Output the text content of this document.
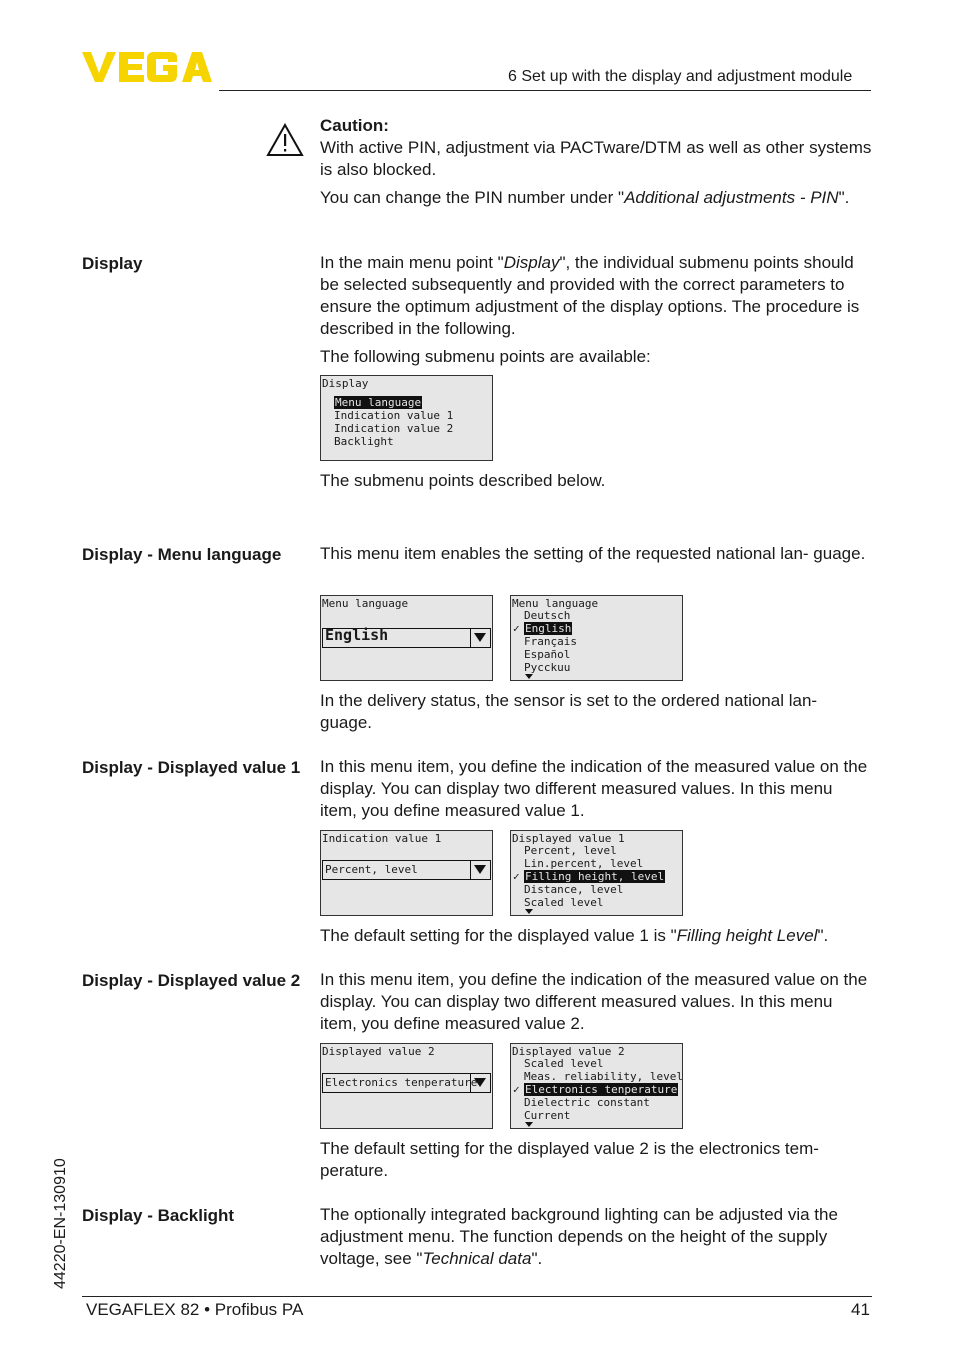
6 Set up with the display and adjustment module

Caution:

With active PIN, adjustment via PACTware/DTM as well as other systems is also blocked.

You can change the PIN number under "Additional adjustments - PIN".

Display	In the main menu point "Display", the individual submenu points should be selected subsequently and provided with the correct parameters to ensure the optimum adjustment of the display options. The procedure is described in the following.

The following submenu points are available:

Display
Menu language
Indication value 1
Indication value 2
Backlight
The submenu points described below.
Display - Menu language	This menu item enables the setting of the requested national lan- guage.
Menu language
English
Menu language
Deutsch
✓ English
Français
Español
Pycckuu
In the delivery status, the sensor is set to the ordered national lan- guage.
Display - Displayed value 1	In this menu item, you define the indication of the measured value on the display. You can display two different measured values. In this menu item, you define measured value 1.
Indication value 1
Percent, level
Displayed value 1
Percent, level
Lin.percent, level
✓ Filling height, level
Distance, level
Scaled level
The default setting for the displayed value 1 is "Filling height Level".
Display - Displayed value 2	In this menu item, you define the indication of the measured value on the display. You can display two different measured values. In this menu item, you define measured value 2.
Displayed value 2
Electronics tenperature
Displayed value 2
Scaled level
Meas. reliability, level
✓ Electronics tenperature
Dielectric constant
Current
The default setting for the displayed value 2 is the electronics tem- perature.
Display - Backlight	The optionally integrated background lighting can be adjusted via the adjustment menu. The function depends on the height of the supply voltage, see "Technical data".
44220-EN-130910
VEGAFLEX 82 • Profibus PA	41
